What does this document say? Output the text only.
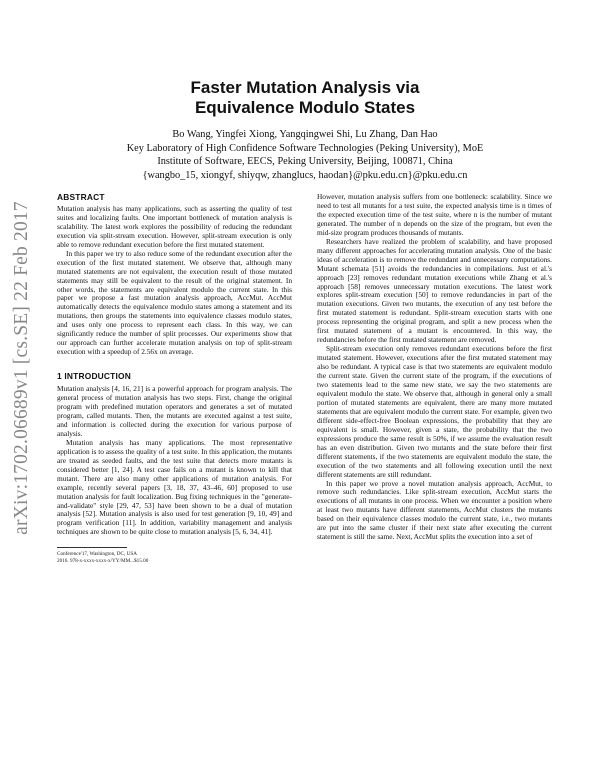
arXiv:1702.06689v1 [cs.SE] 22 Feb 2017
Faster Mutation Analysis via
Equivalence Modulo States
Bo Wang, Yingfei Xiong, Yangqingwei Shi, Lu Zhang, Dan Hao
Key Laboratory of High Confidence Software Technologies (Peking University), MoE
Institute of Software, EECS, Peking University, Beijing, 100871, China
{wangbo_15, xiongyf, shiyqw, zhanglucs, haodan}@pku.edu.cn}@pku.edu.cn
ABSTRACT

Mutation analysis has many applications, such as asserting the quality of test suites and localizing faults. One important bottleneck of mutation analysis is scalability. The latest work explores the possibility of reducing the redundant execution via split-stream execution. However, split-stream execution is only able to remove redundant execution before the first mutated statement.

In this paper we try to also reduce some of the redundant execution after the execution of the first mutated statement. We observe that, although many mutated statements are not equivalent, the execution result of those mutated statements may still be equivalent to the result of the original statement. In other words, the statements are equivalent modulo the current state. In this paper we propose a fast mutation analysis approach, AccMut. AccMut automatically detects the equivalence modulo states among a statement and its mutations, then groups the statements into equivalence classes modulo states, and uses only one process to represent each class. In this way, we can significantly reduce the number of split processes. Our experiments show that our approach can further accelerate mutation analysis on top of split-stream execution with a speedup of 2.56x on average.

1 INTRODUCTION

Mutation analysis [4, 16, 21] is a powerful approach for program analysis. The general process of mutation analysis has two steps. First, change the original program with predefined mutation operators and generates a set of mutated program, called mutants. Then, the mutants are executed against a test suite, and information is collected during the execution for various purpose of analysis.

Mutation analysis has many applications. The most representative application is to assess the quality of a test suite. In this application, the mutants are treated as seeded faults, and the test suite that detects more mutants is considered better [1, 24]. A test case fails on a mutant is known to kill that mutant. There are also many other applications of mutation analysis. For example, recently several papers [3, 18, 37, 43–46, 60] proposed to use mutation analysis for fault localization. Bug fixing techniques in the "generate-and-validate" style [29, 47, 53] have been shown to be a dual of mutation analysis [52]. Mutation analysis is also used for test generation [9, 10, 49] and program verification [11]. In addition, variability management and analysis techniques are shown to be quite close to mutation analysis [5, 6, 34, 41].

Conference'17, Washington, DC, USA
2016. 978-x-xxxx-xxxx-x/YY/MM...$15.00

However, mutation analysis suffers from one bottleneck: scalability. Since we need to test all mutants for a test suite, the expected analysis time is n times of the expected execution time of the test suite, where n is the number of mutant generated. The number of n depends on the size of the program, but even the mid-size program produces thousands of mutants.

Researchers have realized the problem of scalability, and have proposed many different approaches for accelerating mutation analysis. One of the basic ideas of acceleration is to remove the redundant and unnecessary computations. Mutant schemata [51] avoids the redundancies in compilations. Just et al.'s approach [23] removes redundant mutation executions while Zhang et al.'s approach [58] removes unnecessary mutation executions. The latest work explores split-stream execution [50] to remove redundancies in part of the mutation executions. Given two mutants, the execution of any test before the first mutated statement is redundant. Split-stream execution starts with one process representing the original program, and split a new process when the first mutated statement of a mutant is encountered. In this way, the redundancies before the first mutated statement are removed.

Split-stream execution only removes redundant executions before the first mutated statement. However, executions after the first mutated statement may also be redundant. A typical case is that two statements are equivalent modulo the current state. Given the current state of the program, if the executions of two statements lead to the same new state, we say the two statements are equivalent modulo the state. We observe that, although in general only a small portion of mutated statements are equivalent, there are many more mutated statements that are equivalent modulo the current state. For example, given two different side-effect-free Boolean expressions, the probability that they are equivalent is small. However, given a state, the probability that the two expressions produce the same result is 50%, if we assume the evaluation result has an even distribution. Given two mutants and the state before their first different statements, if the two statements are equivalent modulo the state, the execution of the two statements and all following execution until the next different statements are still redundant.

In this paper we prove a novel mutation analysis approach, AccMut, to remove such redundancies. Like split-stream execution, AccMut starts the executions of all mutants in one process. When we encounter a position where at least two mutants have different statements, AccMut clusters the mutants based on their equivalence classes modulo the current state, i.e., two mutants are put into the same cluster if their next state after executing the current statement is still the same. Next, AccMut splits the execution into a set of
